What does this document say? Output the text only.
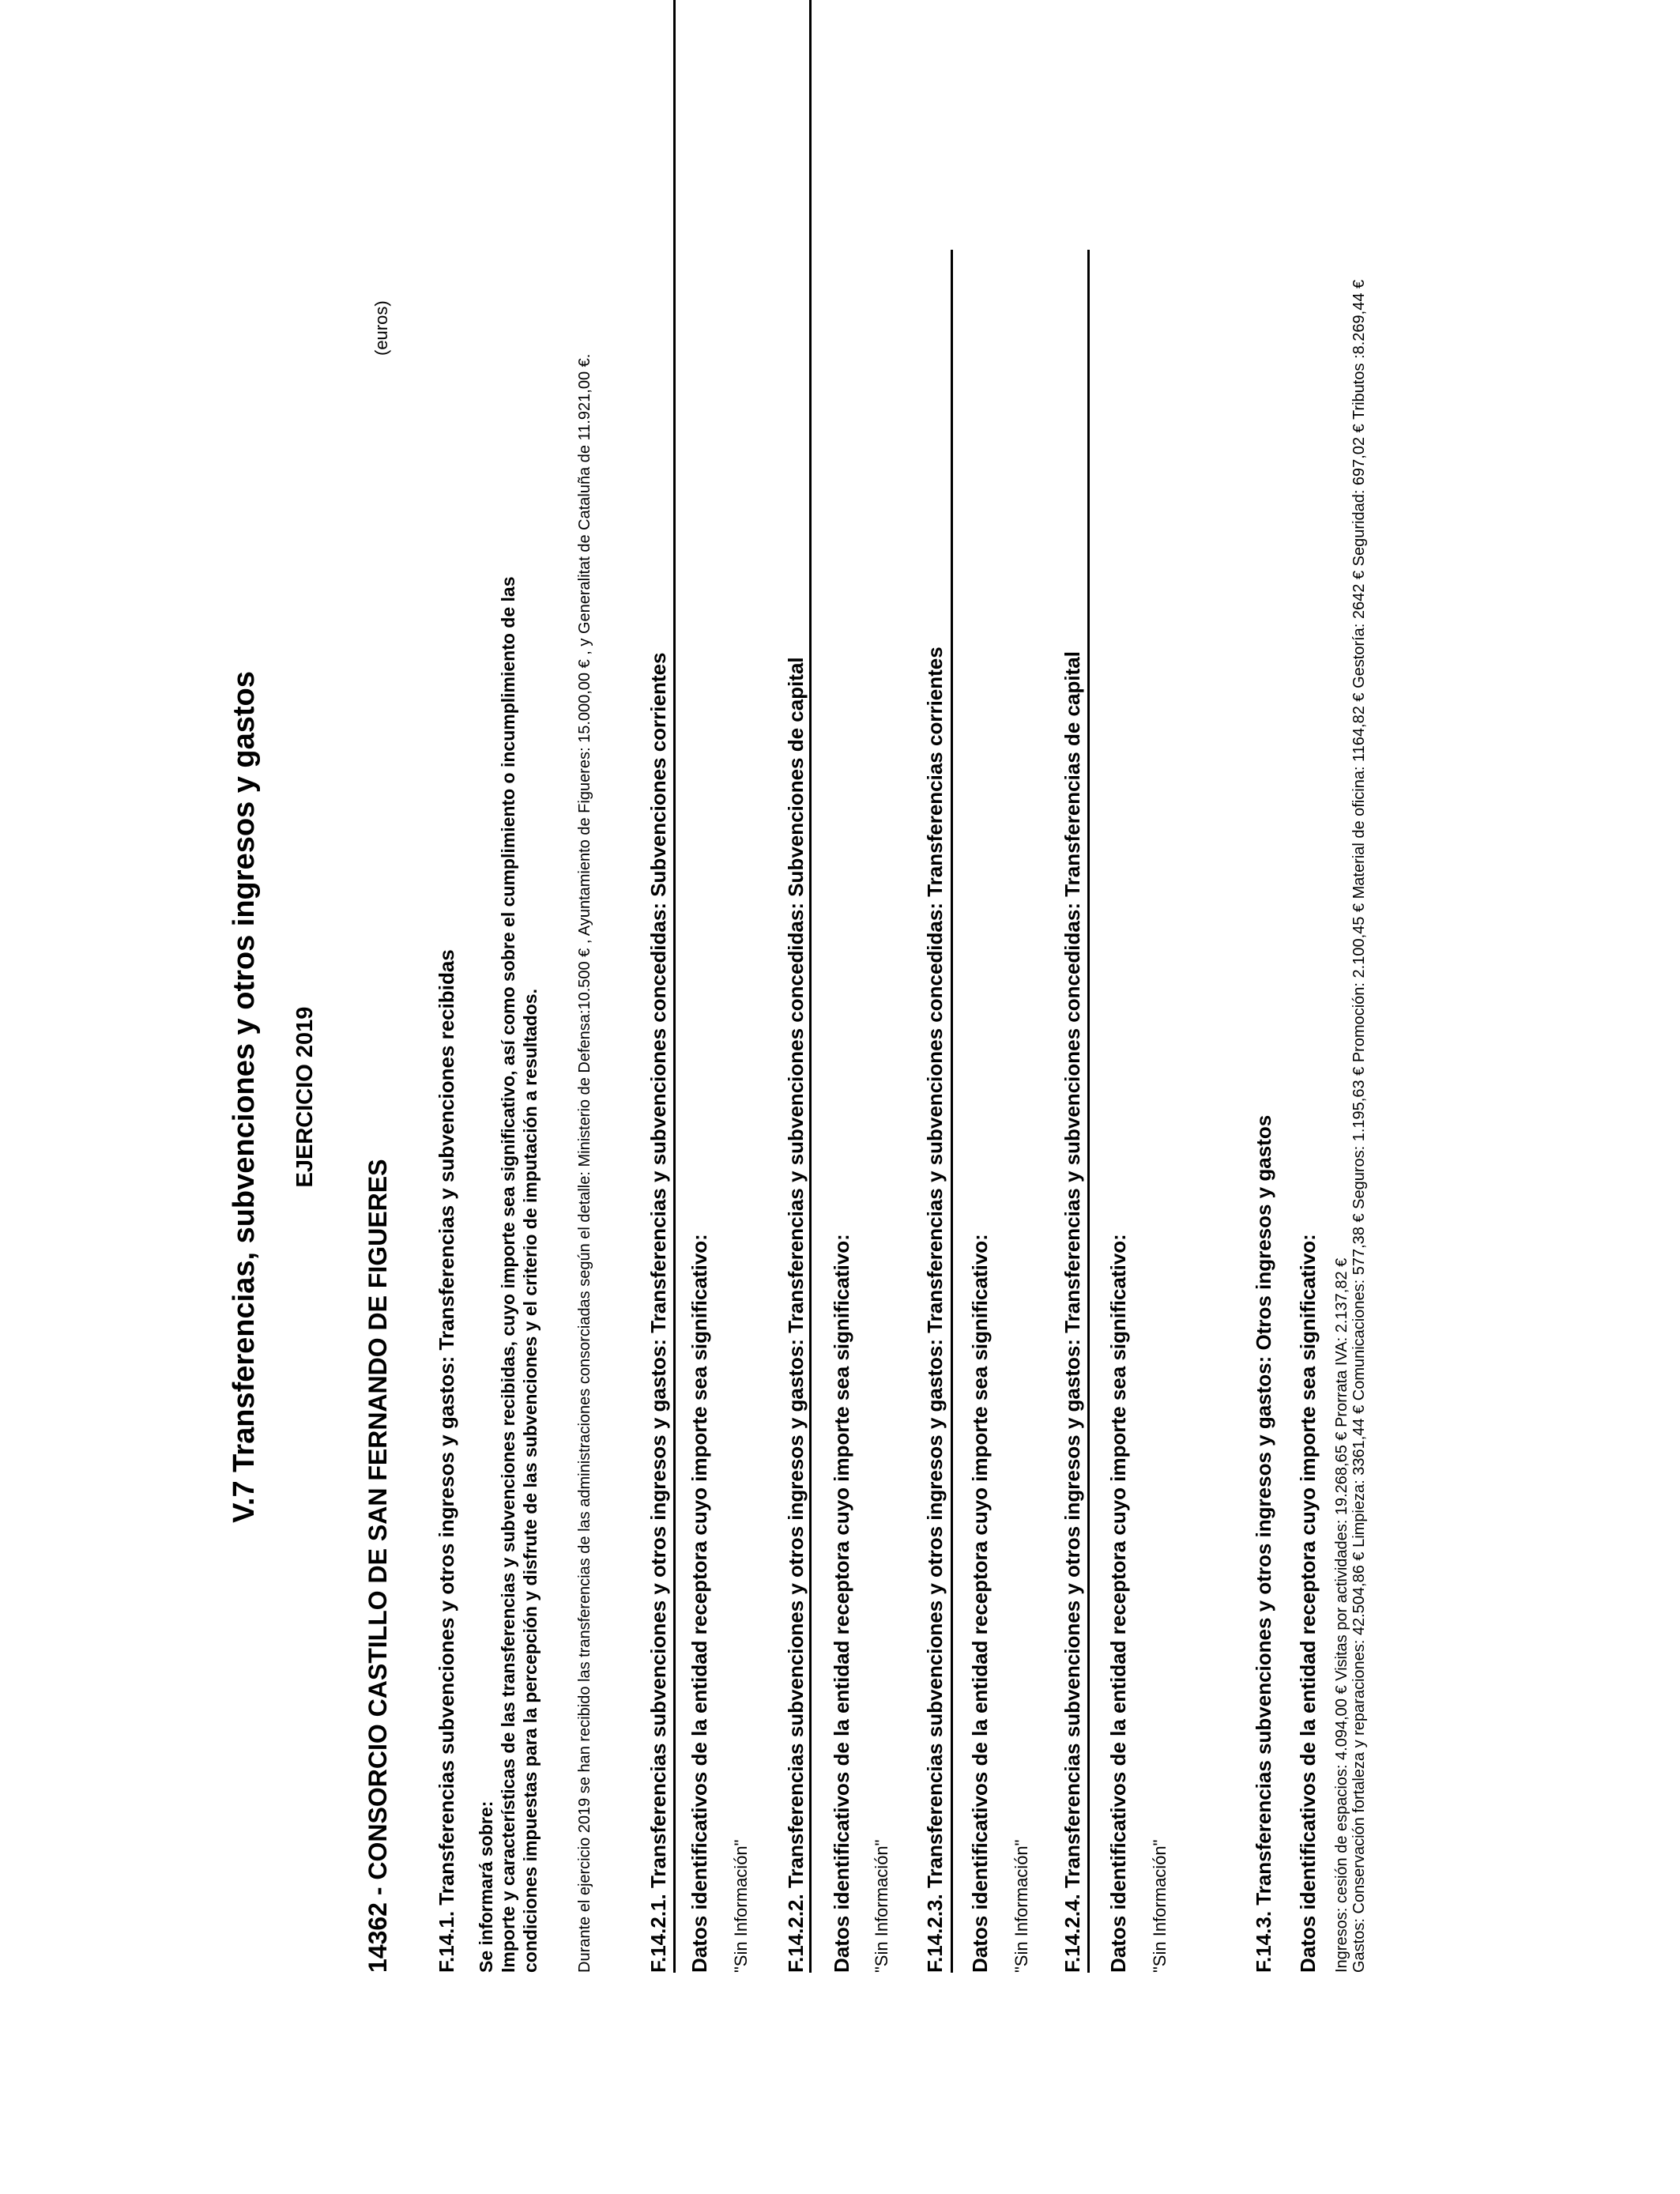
V.7 Transferencias, subvenciones y otros ingresos y gastos EJERCICIO 2019
14362 - CONSORCIO CASTILLO DE SAN FERNANDO DE FIGUERES
(euros)
F.14.1. Transferencias subvenciones y otros ingresos y gastos: Transferencias y subvenciones recibidas Se informará sobre: Importe y características de las transferencias y subvenciones recibidas, cuyo importe sea significativo, así como sobre el cumplimiento o incumplimiento de las condiciones impuestas para la percepción y disfrute de las subvenciones y el criterio de imputación a resultados. Durante el ejercicio 2019 se han recibido las transferencias de las administraciones consorciadas según el detalle: Ministerio de Defensa:10.500 € , Ayuntamiento de Figueres: 15.000,00 € , y Generalitat de Cataluña de 11.921,00 €.	F.14.2.1. Transferencias subvenciones y otros ingresos y gastos: Transferencias y subvenciones concedidas: Subvenciones corrientes Datos identificativos de la entidad receptora cuyo importe sea significativo: "Sin Información" F.14.2.2. Transferencias subvenciones y otros ingresos y gastos: Transferencias y subvenciones concedidas: Subvenciones de capital Datos identificativos de la entidad receptora cuyo importe sea significativo: "Sin Información" F.14.2.3. Transferencias subvenciones y otros ingresos y gastos: Transferencias y subvenciones concedidas: Transferencias corrientes Datos identificativos de la entidad receptora cuyo importe sea significativo: "Sin Información" F.14.2.4. Transferencias subvenciones y otros ingresos y gastos: Transferencias y subvenciones concedidas: Transferencias de capital Datos identificativos de la entidad receptora cuyo importe sea significativo: "Sin Información"	F.14.3. Transferencias subvenciones y otros ingresos y gastos: Otros ingresos y gastos Datos identificativos de la entidad receptora cuyo importe sea significativo: Ingresos: cesión de espacios: 4.094,00 € Visitas por actividades: 19.268,65 € Prorrata IVA: 2.137,82 € Gastos: Conservación fortaleza y reparaciones: 42.504,86 € Limpieza: 3361,44 € Comunicaciones: 577,38 € Seguros: 1.195,63 € Promoción: 2.100,45 € Material de oficina: 1164,82 € Gestoría: 2642 € Seguridad: 697,02 € Tributos :8.269,44 €
